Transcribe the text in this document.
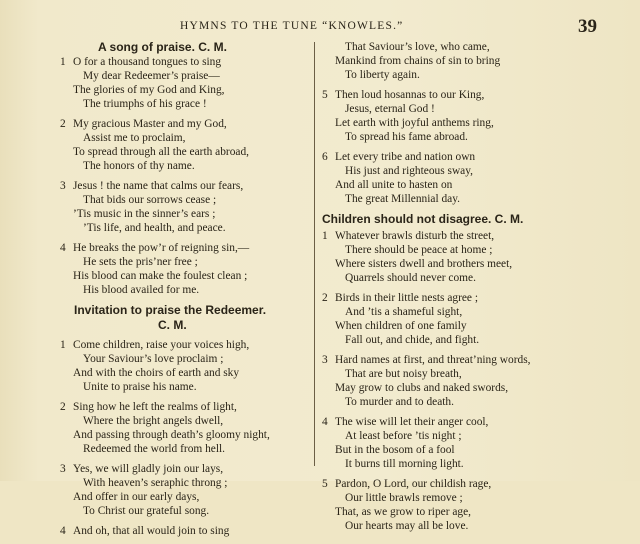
HYMNS TO THE TUNE “KNOWLES.”	39
A song of praise. C. M.
1 O for a thousand tongues to sing
My dear Redeemer’s praise—
The glories of my God and King,
The triumphs of his grace !
2 My gracious Master and my God,
Assist me to proclaim,
To spread through all the earth abroad,
The honors of thy name.
3 Jesus ! the name that calms our fears,
That bids our sorrows cease ;
’Tis music in the sinner’s ears ;
’Tis life, and health, and peace.
4 He breaks the pow’r of reigning sin,—
He sets the pris’ner free ;
His blood can make the foulest clean ;
His blood availed for me.
Invitation to praise the Redeemer.
C. M.
1 Come children, raise your voices high,
Your Saviour’s love proclaim ;
And with the choirs of earth and sky
Unite to praise his name.
2 Sing how he left the realms of light,
Where the bright angels dwell,
And passing through death’s gloomy night,
Redeemed the world from hell.
3 Yes, we will gladly join our lays,
With heaven’s seraphic throng ;
And offer in our early days,
To Christ our grateful song.
4 And oh, that all would join to sing
That Saviour’s love, who came,
Mankind from chains of sin to bring
To liberty again.
5 Then loud hosannas to our King,
Jesus, eternal God !
Let earth with joyful anthems ring,
To spread his fame abroad.
6 Let every tribe and nation own
His just and righteous sway,
And all unite to hasten on
The great Millennial day.
Children should not disagree. C. M.
1 Whatever brawls disturb the street,
There should be peace at home ;
Where sisters dwell and brothers meet,
Quarrels should never come.
2 Birds in their little nests agree ;
And ’tis a shameful sight,
When children of one family
Fall out, and chide, and fight.
3 Hard names at first, and threat’ning words,
That are but noisy breath,
May grow to clubs and naked swords,
To murder and to death.
4 The wise will let their anger cool,
At least before ’tis night ;
But in the bosom of a fool
It burns till morning light.
5 Pardon, O Lord, our childish rage,
Our little brawls remove ;
That, as we grow to riper age,
Our hearts may all be love.
